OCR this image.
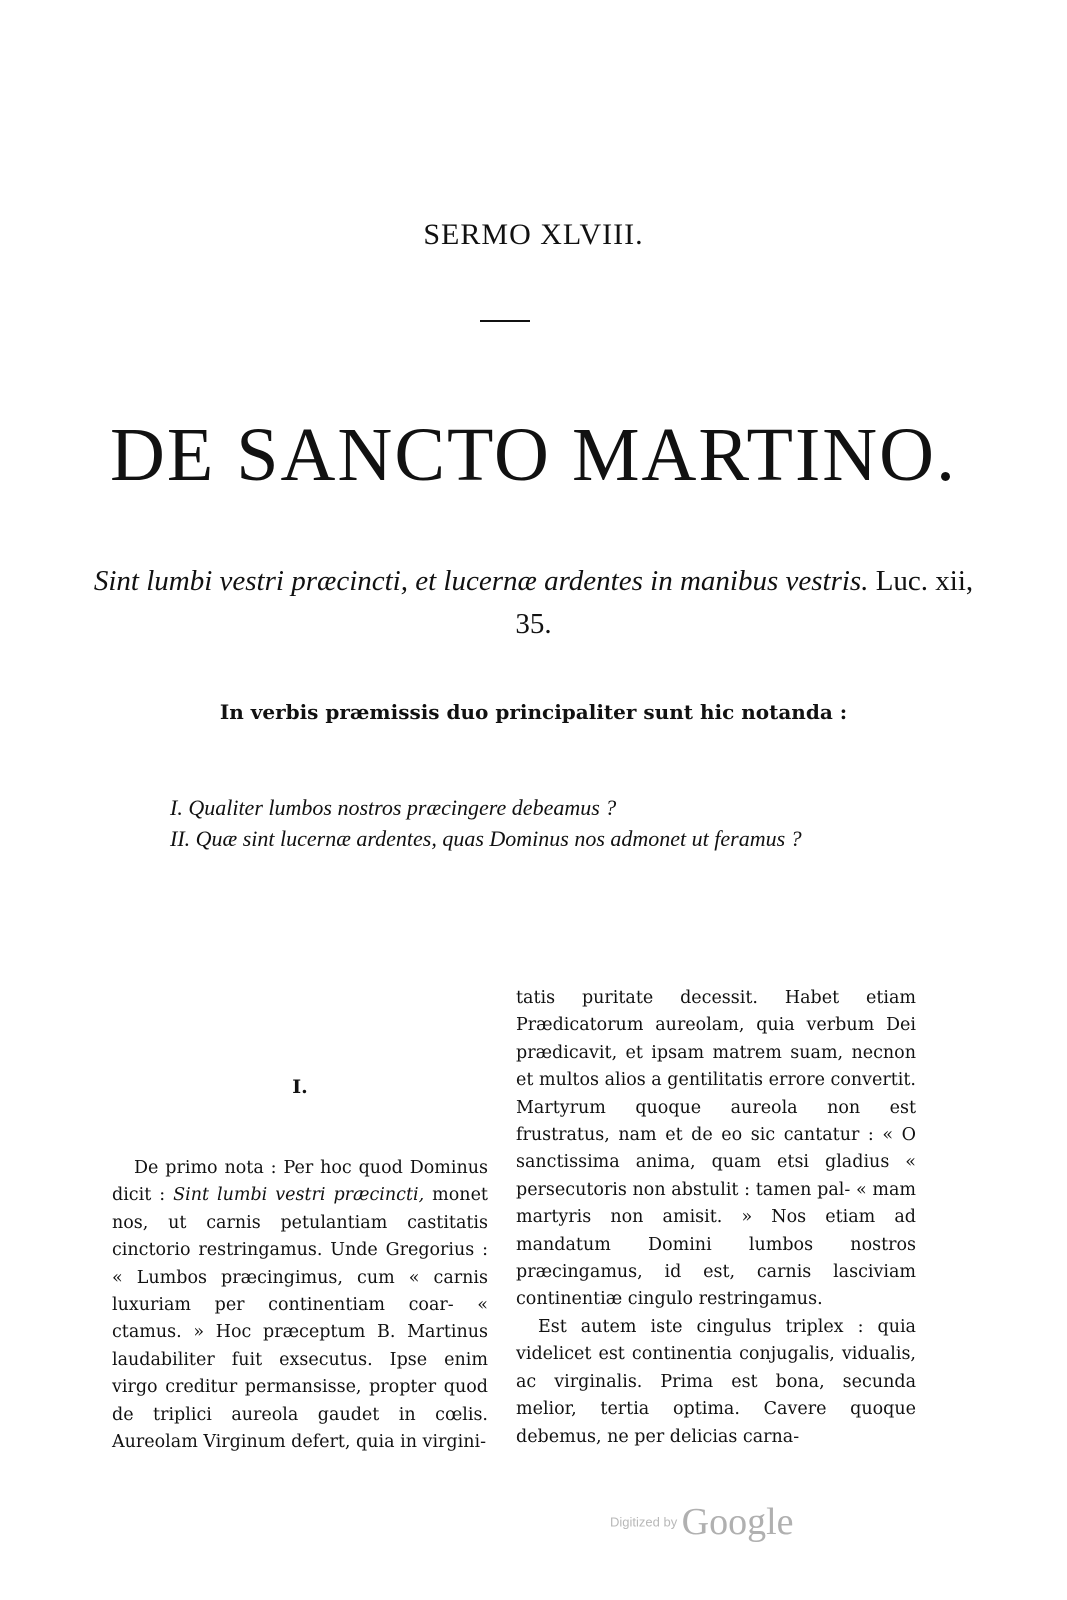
SERMO XLVIII.
DE SANCTO MARTINO.
Sint lumbi vestri præcincti, et lucernæ ardentes in manibus vestris. Luc. xii, 35.
In verbis præmissis duo principaliter sunt hic notanda :
I. Qualiter lumbos nostros præcingere debeamus ?
II. Quæ sint lucernæ ardentes, quas Dominus nos admonet ut feramus ?
I.

De primo nota : Per hoc quod Dominus dicit : Sint lumbi vestri præcincti, monet nos, ut carnis petulantiam castitatis cinctorio restringamus. Unde Gregorius : « Lumbos præcingimus, cum « carnis luxuriam per continentiam coar- « ctamus. » Hoc præceptum B. Martinus laudabiliter fuit exsecutus. Ipse enim virgo creditur permansisse, propter quod de triplici aureola gaudet in cœlis. Aureolam Virginum defert, quia in virgini-

tatis puritate decessit. Habet etiam Prædicatorum aureolam, quia verbum Dei prædicavit, et ipsam matrem suam, necnon et multos alios a gentilitatis errore convertit. Martyrum quoque aureola non est frustratus, nam et de eo sic cantatur : « O sanctissima anima, quam etsi gladius « persecutoris non abstulit : tamen pal- « mam martyris non amisit. » Nos etiam ad mandatum Domini lumbos nostros præcingamus, id est, carnis lasciviam continentiæ cingulo restringamus.

Est autem iste cingulus triplex : quia videlicet est continentia conjugalis, vidualis, ac virginalis. Prima est bona, secunda melior, tertia optima. Cavere quoque debemus, ne per delicias carna-

Digitized by Google
